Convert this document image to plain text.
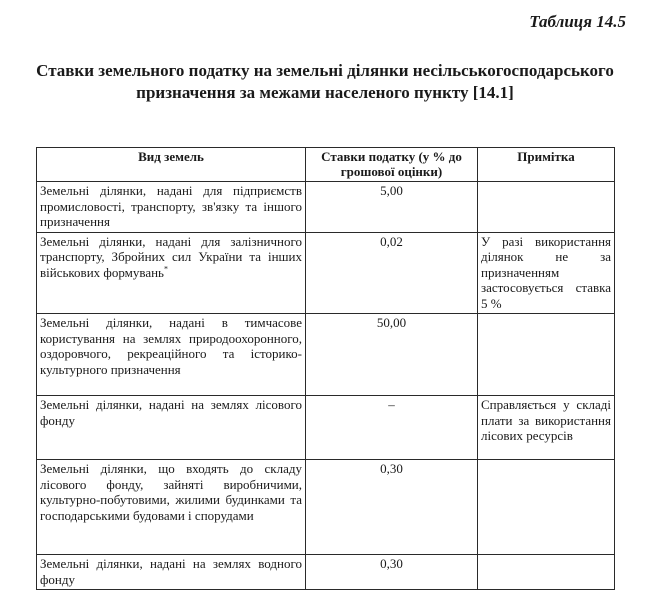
Таблиця 14.5
Ставки земельного податку на земельні ділянки несільськогосподарського призначення за межами населеного пункту [14.1]
Вид земель	Ставки податку (у % до грошової оцінки)	Примітка
Земельні ділянки, надані для підприємств промисловості, транспорту, зв'язку та іншого призначення	5,00	
Земельні ділянки, надані для залізничного транспорту, Збройних сил України та інших військових формувань*	0,02	У разі використання ділянок не за призначенням застосовується ставка 5 %
Земельні ділянки, надані в тимчасове користування на землях природоохоронного, оздоровчого, рекреаційного та історико-культурного призначення	50,00	
Земельні ділянки, надані на землях лісового фонду	–	Справляється у складі плати за використання лісових ресурсів
Земельні ділянки, що входять до складу лісового фонду, зайняті виробничими, культурно-побутовими, жилими будинками та господарськими будовами і спорудами	0,30	
Земельні ділянки, надані на землях водного фонду	0,30	
